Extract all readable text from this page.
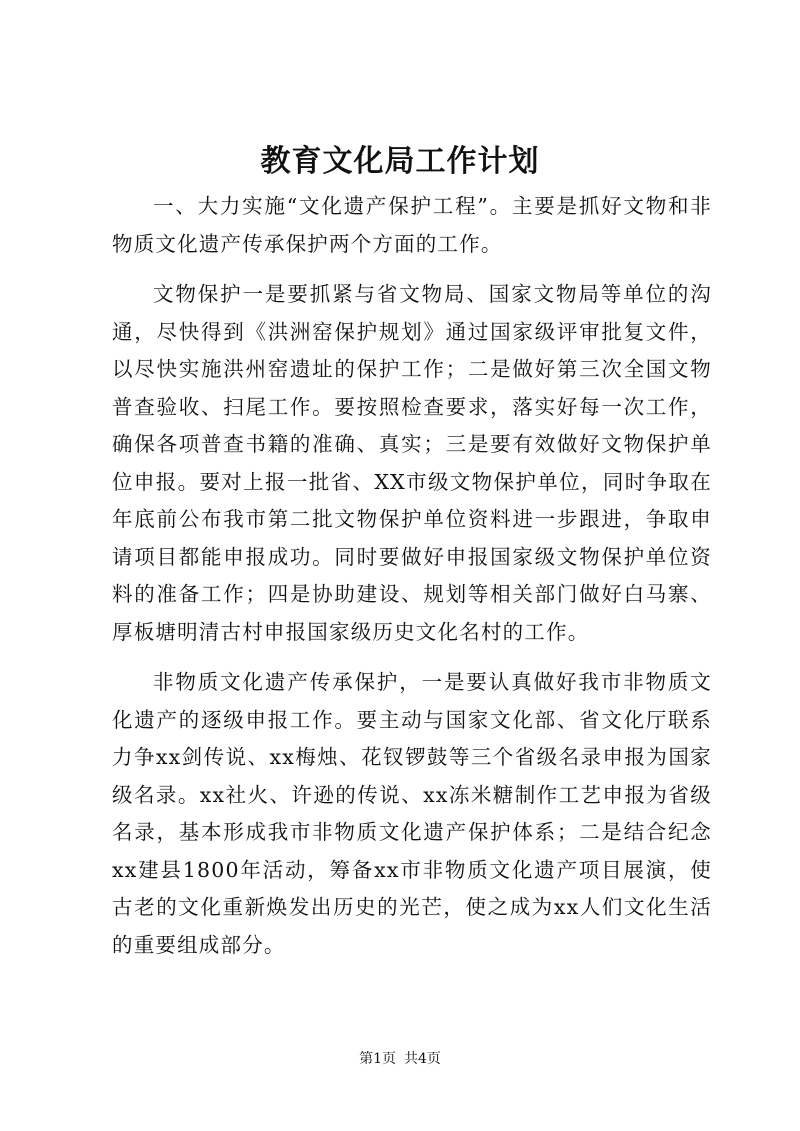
教育文化局工作计划

一、大力实施“文化遗产保护工程”。主要是抓好文物和非物质文化遗产传承保护两个方面的工作。

文物保护一是要抓紧与省文物局、国家文物局等单位的沟通，尽快得到《洪洲窑保护规划》通过国家级评审批复文件，以尽快实施洪州窑遗址的保护工作；二是做好第三次全国文物普查验收、扫尾工作。要按照检查要求，落实好每一次工作，确保各项普查书籍的准确、真实；三是要有效做好文物保护单位申报。要对上报一批省、XX市级文物保护单位，同时争取在年底前公布我市第二批文物保护单位资料进一步跟进，争取申请项目都能申报成功。同时要做好申报国家级文物保护单位资料的准备工作；四是协助建设、规划等相关部门做好白马寨、厚板塘明清古村申报国家级历史文化名村的工作。

非物质文化遗产传承保护，一是要认真做好我市非物质文化遗产的逐级申报工作。要主动与国家文化部、省文化厅联系力争xx剑传说、xx梅烛、花钗锣鼓等三个省级名录申报为国家级名录。xx社火、许逊的传说、xx冻米糖制作工艺申报为省级名录，基本形成我市非物质文化遗产保护体系；二是结合纪念xx建县1800年活动，筹备xx市非物质文化遗产项目展演，使古老的文化重新焕发出历史的光芒，使之成为xx人们文化生活的重要组成部分。

第1页 共4页
